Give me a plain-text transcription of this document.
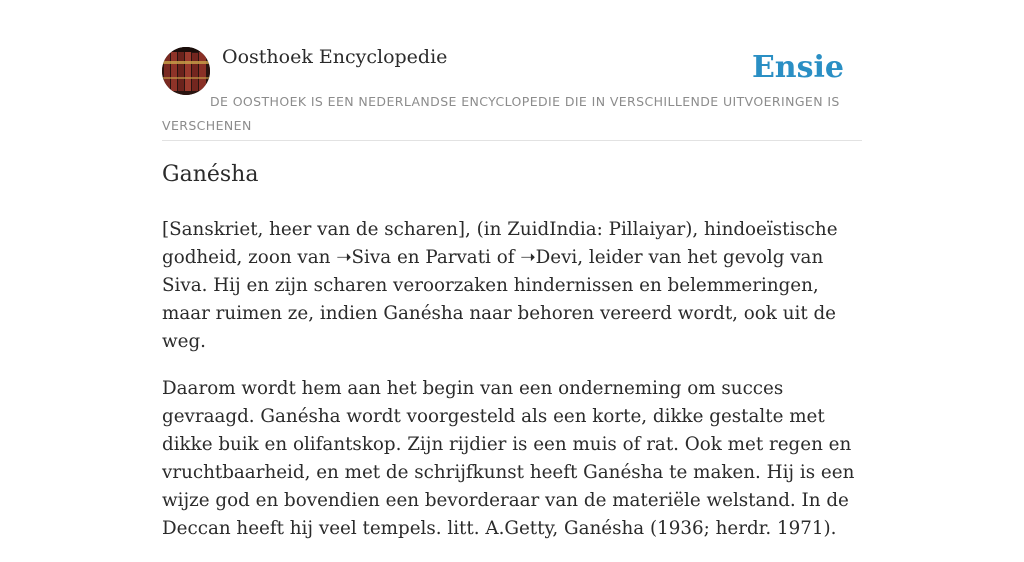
Oosthoek Encyclopedie	Ensie
DE OOSTHOEK IS EEN NEDERLANDSE ENCYCLOPEDIE DIE IN VERSCHILLENDE UITVOERINGEN IS VERSCHENEN
Ganésha

[Sanskriet, heer van de scharen], (in ZuidIndia: Pillaiyar), hindoeïstische godheid, zoon van ➝Siva en Parvati of ➝Devi, leider van het gevolg van Siva. Hij en zijn scharen veroorzaken hindernissen en belemmeringen, maar ruimen ze, indien Ganésha naar behoren vereerd wordt, ook uit de weg.

Daarom wordt hem aan het begin van een onderneming om succes gevraagd. Ganésha wordt voorgesteld als een korte, dikke gestalte met dikke buik en olifantskop. Zijn rijdier is een muis of rat. Ook met regen en vruchtbaarheid, en met de schrijfkunst heeft Ganésha te maken. Hij is een wijze god en bovendien een bevorderaar van de materiële welstand. In de Deccan heeft hij veel tempels. litt. A.Getty, Ganésha (1936; herdr. 1971).
